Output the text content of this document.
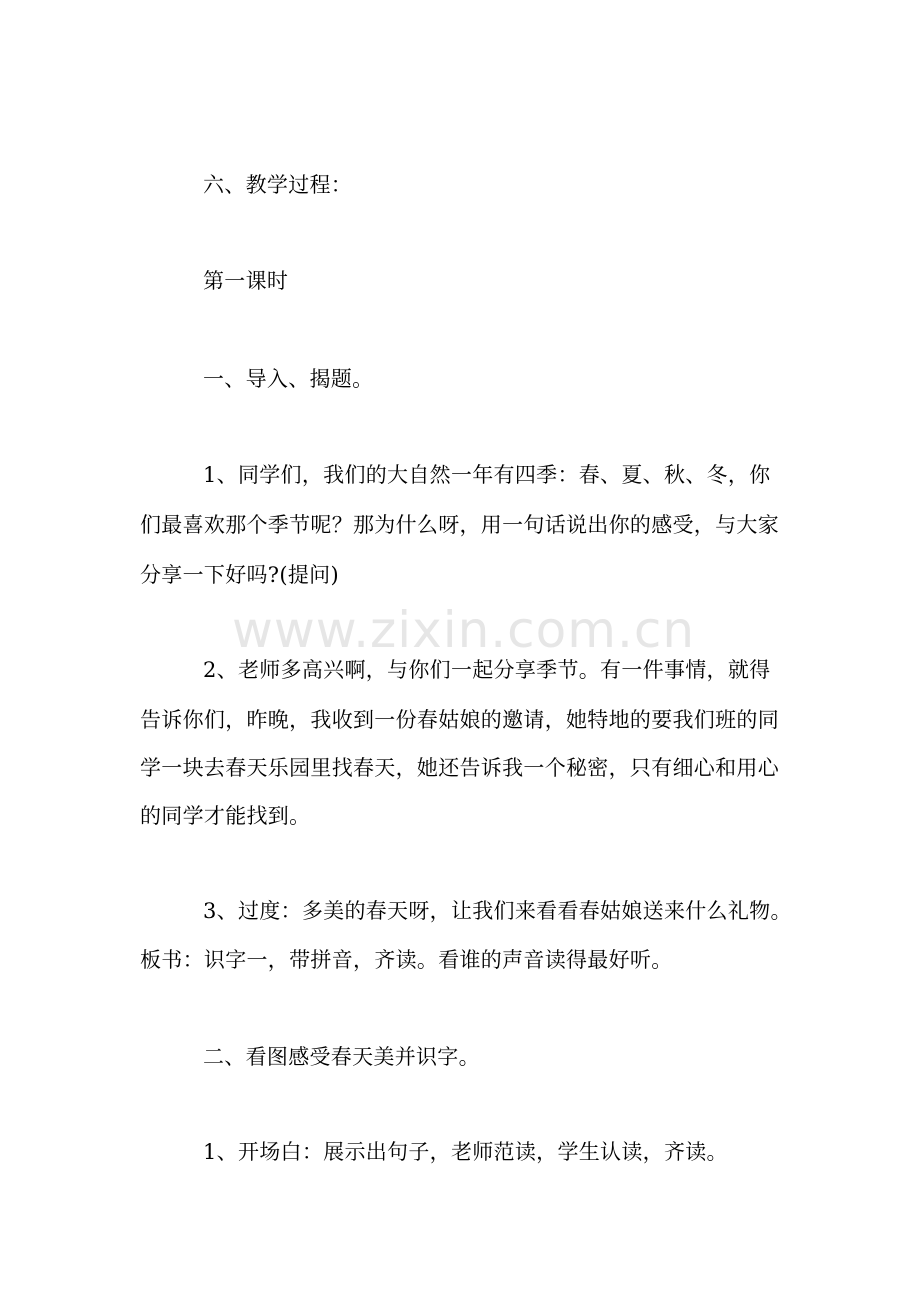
www.zixin.com.cn
六、教学过程：
第一课时
一、导入、揭题。
1、同学们，我们的大自然一年有四季：春、夏、秋、冬，你
们最喜欢那个季节呢？那为什么呀，用一句话说出你的感受，与大家
分享一下好吗?(提问)
2、老师多高兴啊，与你们一起分享季节。有一件事情，就得
告诉你们，昨晚，我收到一份春姑娘的邀请，她特地的要我们班的同
学一块去春天乐园里找春天，她还告诉我一个秘密，只有细心和用心
的同学才能找到。
3、过度：多美的春天呀，让我们来看看春姑娘送来什么礼物。
板书：识字一，带拼音，齐读。看谁的声音读得最好听。
二、看图感受春天美并识字。
1、开场白：展示出句子，老师范读，学生认读，齐读。
